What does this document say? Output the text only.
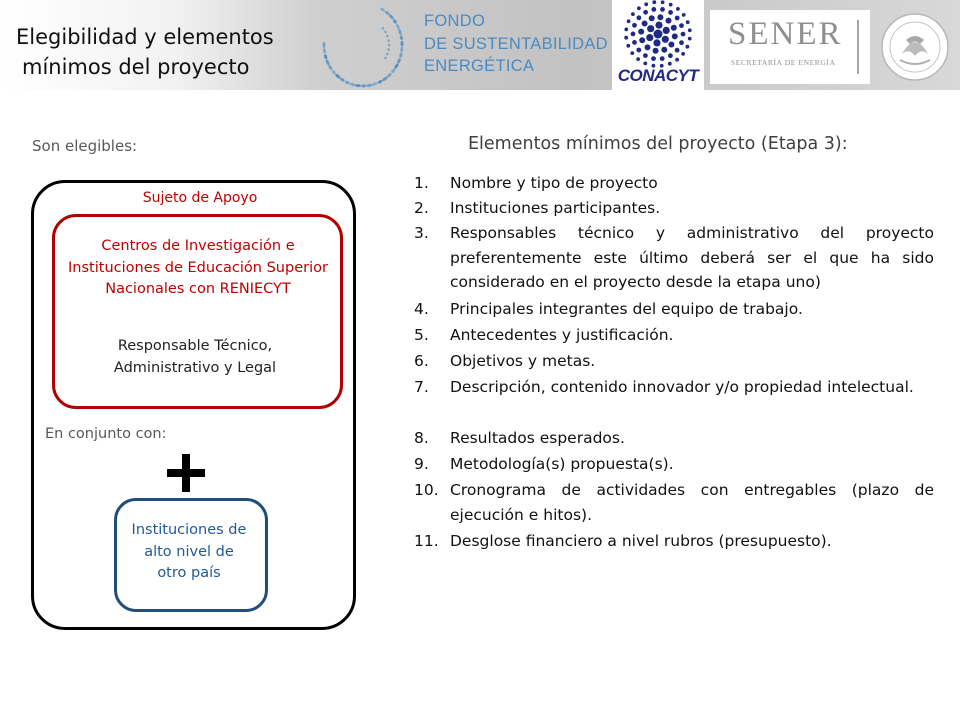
Elegibilidad y elementos
mínimos del proyecto
FONDO
DE SUSTENTABILIDAD
ENERGÉTICA	CONACYT
SENER
SECRETARÍA DE ENERGÍA
Son elegibles:
Sujeto de Apoyo
Centros de Investigación e
Instituciones de Educación Superior
Nacionales con RENIECYT
Responsable Técnico,
Administrativo y Legal
En conjunto con:
Instituciones de
alto nivel de
otro país
Elementos mínimos del proyecto (Etapa 3):
1.	Nombre y tipo de proyecto
2.	Instituciones participantes.
3.	Responsables técnico y administrativo del proyecto preferentemente este último deberá ser el que ha sido considerado en el proyecto desde la etapa uno)
4.	Principales integrantes del equipo de trabajo.
5.	Antecedentes y justificación.
6.	Objetivos y metas.
7.	Descripción, contenido innovador y/o propiedad intelectual.
8.	Resultados esperados.
9.	Metodología(s) propuesta(s).
10. Cronograma de actividades con entregables (plazo de ejecución e hitos).
11. Desglose financiero a nivel rubros (presupuesto).
